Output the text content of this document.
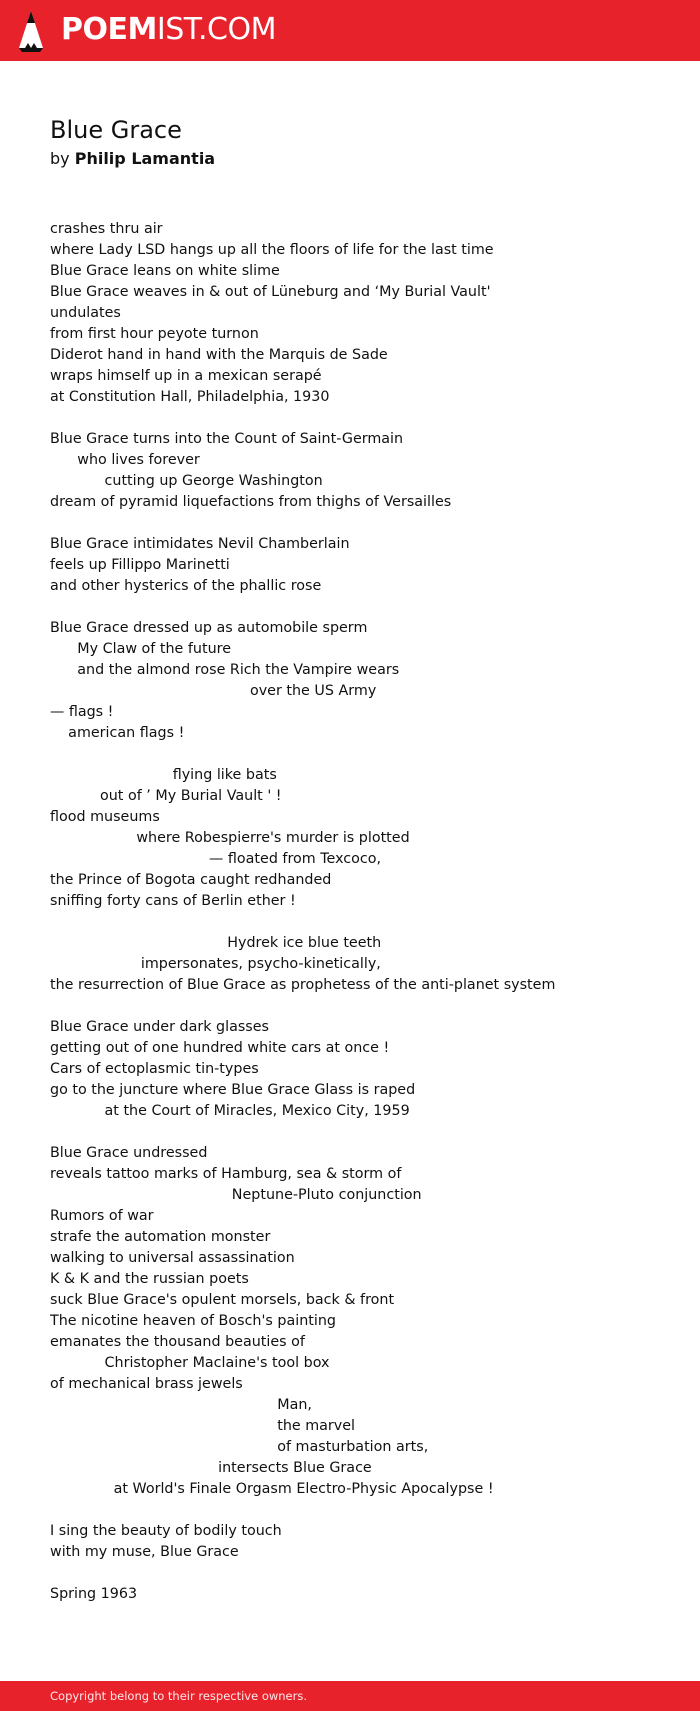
POEMIST.COM
Blue Grace
by Philip Lamantia
crashes thru air
where Lady LSD hangs up all the floors of life for the last time
Blue Grace leans on white slime
Blue Grace weaves in & out of Lüneburg and ‘My Burial Vault'
undulates
from first hour peyote turnon
Diderot hand in hand with the Marquis de Sade
wraps himself up in a mexican serapé
at Constitution Hall, Philadelphia, 1930
Blue Grace turns into the Count of Saint-Germain
who lives forever
cutting up George Washington
dream of pyramid liquefactions from thighs of Versailles
Blue Grace intimidates Nevil Chamberlain
feels up Fillippo Marinetti
and other hysterics of the phallic rose
Blue Grace dressed up as automobile sperm
My Claw of the future
and the almond rose Rich the Vampire wears
over the US Army
— flags !
american flags !
flying like bats
out of ’ My Burial Vault ' !
flood museums
where Robespierre's murder is plotted
— floated from Texcoco,
the Prince of Bogota caught redhanded
sniffing forty cans of Berlin ether !
Hydrek ice blue teeth
impersonates, psycho-kinetically,
the resurrection of Blue Grace as prophetess of the anti-planet system
Blue Grace under dark glasses
getting out of one hundred white cars at once !
Cars of ectoplasmic tin-types
go to the juncture where Blue Grace Glass is raped
at the Court of Miracles, Mexico City, 1959
Blue Grace undressed
reveals tattoo marks of Hamburg, sea & storm of
Neptune-Pluto conjunction
Rumors of war
strafe the automation monster
walking to universal assassination
K & K and the russian poets
suck Blue Grace's opulent morsels, back & front
The nicotine heaven of Bosch's painting
emanates the thousand beauties of
Christopher Maclaine's tool box
of mechanical brass jewels
Man,
the marvel
of masturbation arts,
intersects Blue Grace
at World's Finale Orgasm Electro-Physic Apocalypse !
I sing the beauty of bodily touch
with my muse, Blue Grace
Spring 1963
Copyright belong to their respective owners.
